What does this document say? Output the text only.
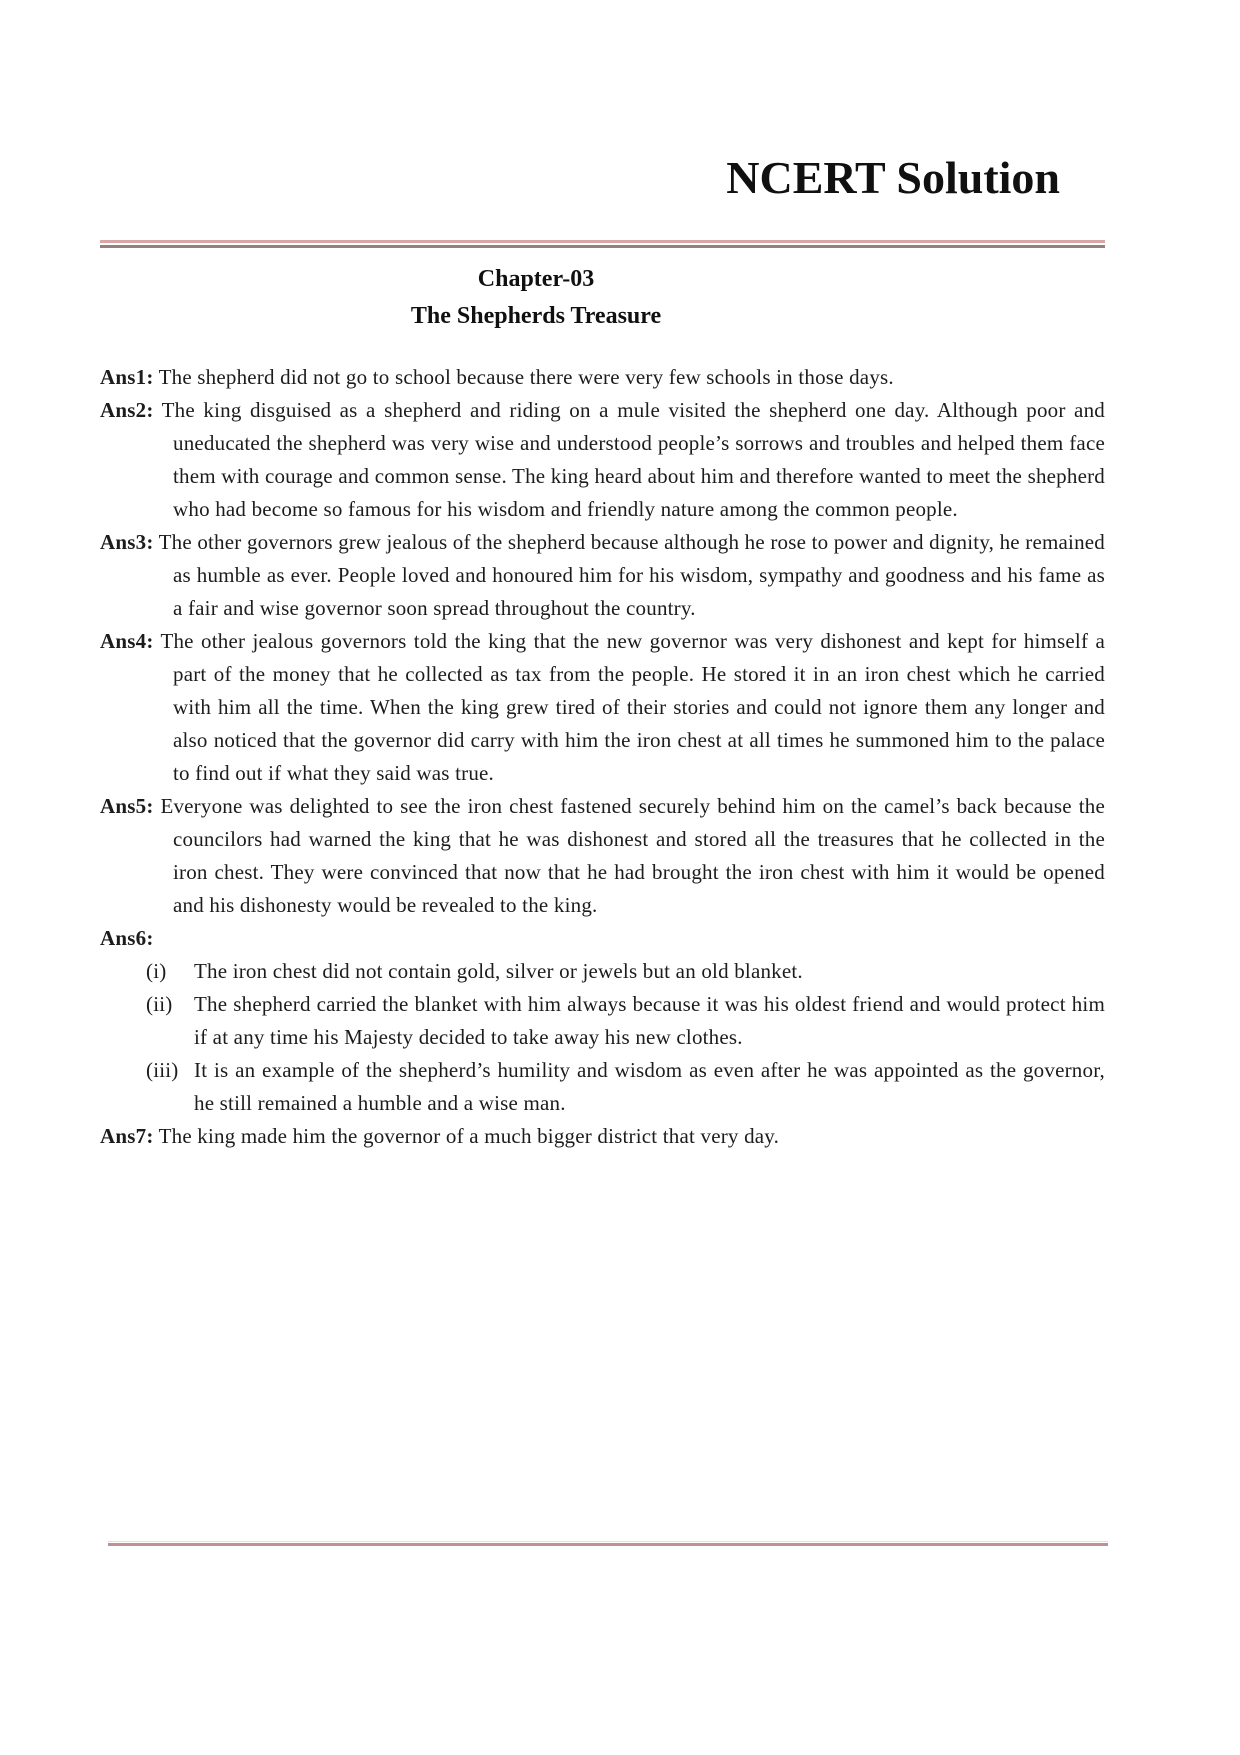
NCERT Solution
Chapter-03
The Shepherds Treasure

Ans1: The shepherd did not go to school because there were very few schools in those days.

Ans2: The king disguised as a shepherd and riding on a mule visited the shepherd one day. Although poor and uneducated the shepherd was very wise and understood people’s sorrows and troubles and helped them face them with courage and common sense. The king heard about him and therefore wanted to meet the shepherd who had become so famous for his wisdom and friendly nature among the common people.

Ans3: The other governors grew jealous of the shepherd because although he rose to power and dignity, he remained as humble as ever. People loved and honoured him for his wisdom, sympathy and goodness and his fame as a fair and wise governor soon spread throughout the country.

Ans4: The other jealous governors told the king that the new governor was very dishonest and kept for himself a part of the money that he collected as tax from the people. He stored it in an iron chest which he carried with him all the time. When the king grew tired of their stories and could not ignore them any longer and also noticed that the governor did carry with him the iron chest at all times he summoned him to the palace to find out if what they said was true.

Ans5: Everyone was delighted to see the iron chest fastened securely behind him on the camel’s back because the councilors had warned the king that he was dishonest and stored all the treasures that he collected in the iron chest. They were convinced that now that he had brought the iron chest with him it would be opened and his dishonesty would be revealed to the king.

Ans6:

(i) The iron chest did not contain gold, silver or jewels but an old blanket.
(ii) The shepherd carried the blanket with him always because it was his oldest friend and would protect him if at any time his Majesty decided to take away his new clothes.
(iii) It is an example of the shepherd’s humility and wisdom as even after he was appointed as the governor, he still remained a humble and a wise man.

Ans7: The king made him the governor of a much bigger district that very day.
